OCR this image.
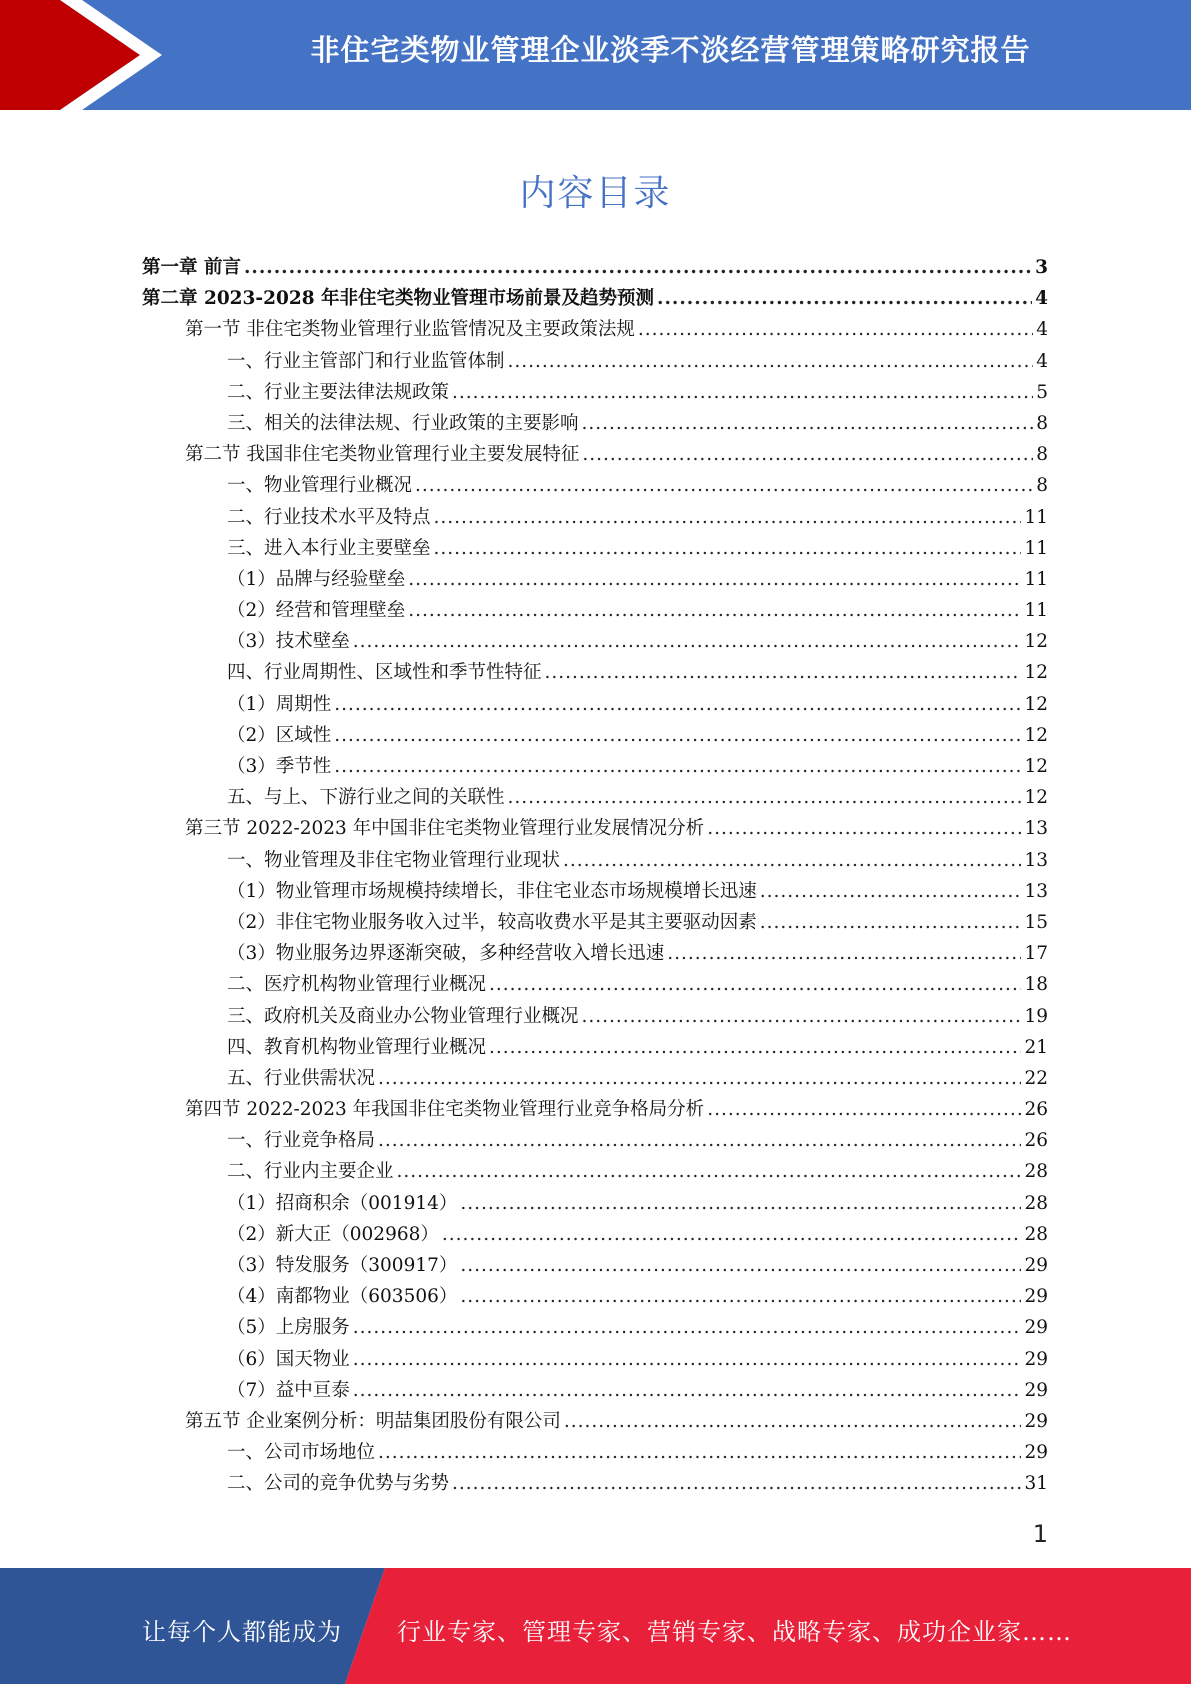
非住宅类物业管理企业淡季不淡经营管理策略研究报告
内容目录
第一章 前言 .....	3
第二章 2023-2028 年非住宅类物业管理市场前景及趋势预测 .....	4
第一节 非住宅类物业管理行业监管情况及主要政策法规 .....	4
一、行业主管部门和行业监管体制 .....	4
二、行业主要法律法规政策 .....	5
三、相关的法律法规、行业政策的主要影响 .....	8
第二节 我国非住宅类物业管理行业主要发展特征 .....	8
一、物业管理行业概况 .....	8
二、行业技术水平及特点 .....	11
三、进入本行业主要壁垒 .....	11
（1）品牌与经验壁垒 .....	11
（2）经营和管理壁垒 .....	11
（3）技术壁垒 .....	12
四、行业周期性、区域性和季节性特征 .....	12
（1）周期性 .....	12
（2）区域性 .....	12
（3）季节性 .....	12
五、与上、下游行业之间的关联性 .....	12
第三节 2022-2023 年中国非住宅类物业管理行业发展情况分析 .....	13
一、物业管理及非住宅物业管理行业现状 .....	13
（1）物业管理市场规模持续增长，非住宅业态市场规模增长迅速 .....	13
（2）非住宅物业服务收入过半，较高收费水平是其主要驱动因素 .....	15
（3）物业服务边界逐渐突破，多种经营收入增长迅速 .....	17
二、医疗机构物业管理行业概况 .....	18
三、政府机关及商业办公物业管理行业概况 .....	19
四、教育机构物业管理行业概况 .....	21
五、行业供需状况 .....	22
第四节 2022-2023 年我国非住宅类物业管理行业竞争格局分析 .....	26
一、行业竞争格局 .....	26
二、行业内主要企业 .....	28
（1）招商积余（001914） .....	28
（2）新大正（002968） .....	28
（3）特发服务（300917） .....	29
（4）南都物业（603506） .....	29
（5）上房服务 .....	29
（6）国天物业 .....	29
（7）益中亘泰 .....	29
第五节 企业案例分析：明喆集团股份有限公司 .....	29
一、公司市场地位 .....	29
二、公司的竞争优势与劣势 .....	31
1
让每个人都能成为 行业专家、管理专家、营销专家、战略专家、成功企业家……
